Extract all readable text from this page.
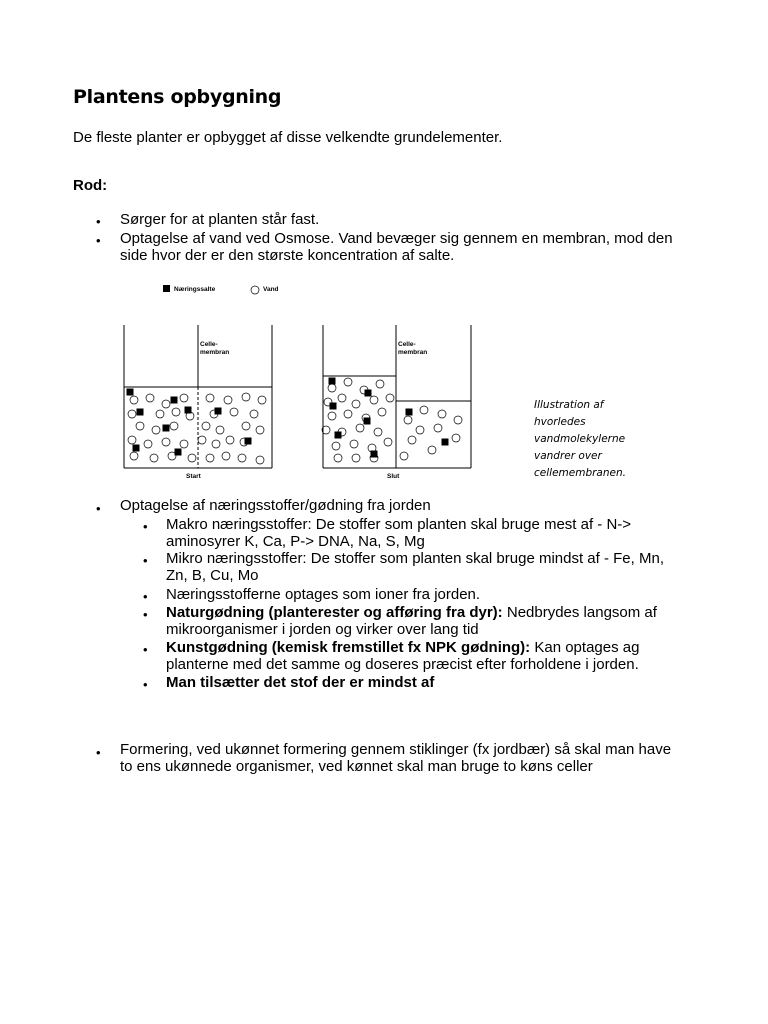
Plantens opbygning
De fleste planter er opbygget af disse velkendte grundelementer.
Rod:
• Sørger for at planten står fast.
• Optagelse af vand ved Osmose. Vand bevæger sig gennem en membran, mod den
side hvor der er den største koncentration af salte.
Næringssalte	Vand
Celle-
membran
Start
Celle-
membran
Slut
Illustration af
hvorledes
vandmolekylerne
vandrer over
cellemembranen.
• Optagelse af næringsstoffer/gødning fra jorden
• Makro næringsstoffer: De stoffer som planten skal bruge mest af - N->
aminosyrer K, Ca, P-> DNA, Na, S, Mg
• Mikro næringsstoffer: De stoffer som planten skal bruge mindst af - Fe, Mn,
Zn, B, Cu, Mo
• Næringsstofferne optages som ioner fra jorden.
• Naturgødning (planterester og afføring fra dyr): Nedbrydes langsom af
mikroorganismer i jorden og virker over lang tid
• Kunstgødning (kemisk fremstillet fx NPK gødning): Kan optages ag
planterne med det samme og doseres præcist efter forholdene i jorden.
• Man tilsætter det stof der er mindst af
• Formering, ved ukønnet formering gennem stiklinger (fx jordbær) så skal man have
to ens ukønnede organismer, ved kønnet skal man bruge to køns celler
